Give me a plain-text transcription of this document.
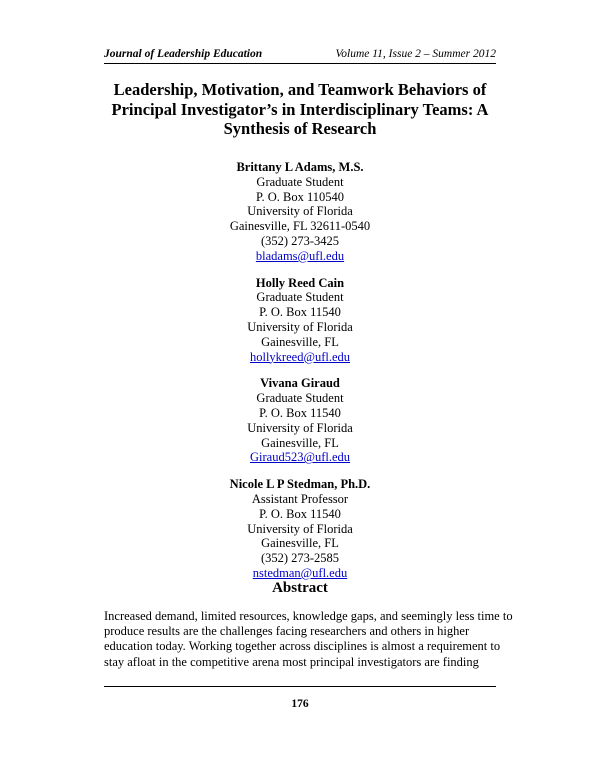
Journal of Leadership Education	Volume 11, Issue 2 – Summer 2012
Leadership, Motivation, and Teamwork Behaviors of
Principal Investigator’s in Interdisciplinary Teams: A
Synthesis of Research
Brittany L Adams, M.S.
Graduate Student
P. O. Box 110540
University of Florida
Gainesville, FL 32611-0540
(352) 273-3425
bladams@ufl.edu
Holly Reed Cain
Graduate Student
P. O. Box 11540
University of Florida
Gainesville, FL
hollykreed@ufl.edu
Vivana Giraud
Graduate Student
P. O. Box 11540
University of Florida
Gainesville, FL
Giraud523@ufl.edu
Nicole L P Stedman, Ph.D.
Assistant Professor
P. O. Box 11540
University of Florida
Gainesville, FL
(352) 273-2585
nstedman@ufl.edu
Abstract

Increased demand, limited resources, knowledge gaps, and seemingly less time to

produce results are the challenges facing researchers and others in higher

education today. Working together across disciplines is almost a requirement to

stay afloat in the competitive arena most principal investigators are finding

176
